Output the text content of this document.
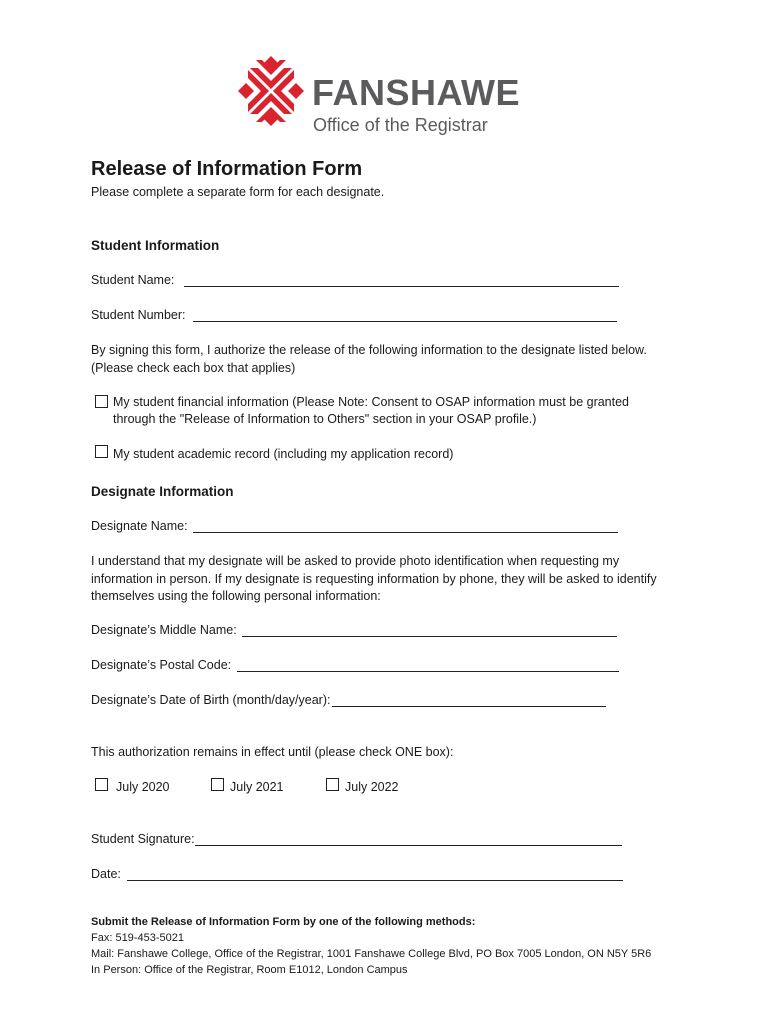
FANSHAWE
Office of the Registrar
Release of Information Form
Please complete a separate form for each designate.
Student Information
Student Name:
Student Number:
By signing this form, I authorize the release of the following information to the designate listed below.
(Please check each box that applies)
My student financial information (Please Note: Consent to OSAP information must be granted
through the "Release of Information to Others" section in your OSAP profile.)
My student academic record (including my application record)
Designate Information
Designate Name:
I understand that my designate will be asked to provide photo identification when requesting my
information in person. If my designate is requesting information by phone, they will be asked to identify
themselves using the following personal information:
Designate’s Middle Name:
Designate’s Postal Code:
Designate’s Date of Birth (month/day/year):
This authorization remains in effect until (please check ONE box):
July 2020	July 2021	July 2022
Student Signature:
Date:
Submit the Release of Information Form by one of the following methods:
Fax: 519-453-5021
Mail: Fanshawe College, Office of the Registrar, 1001 Fanshawe College Blvd, PO Box 7005 London, ON N5Y 5R6
In Person: Office of the Registrar, Room E1012, London Campus
